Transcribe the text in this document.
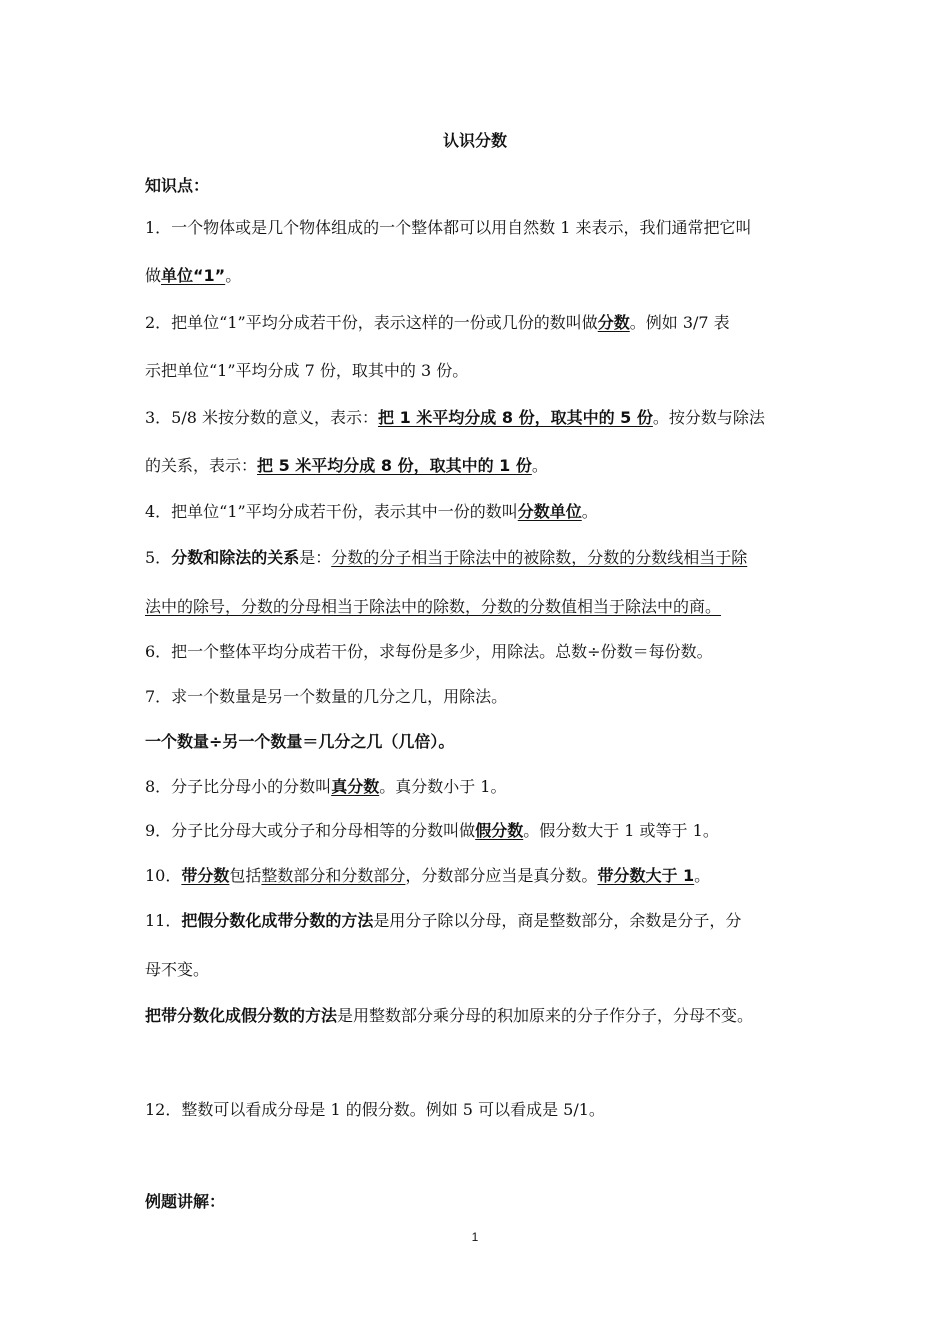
认识分数
知识点：
1．一个物体或是几个物体组成的一个整体都可以用自然数 1 来表示，我们通常把它叫
做单位“1”。
2．把单位“1”平均分成若干份，表示这样的一份或几份的数叫做分数。例如 3/7 表
示把单位“1”平均分成 7 份，取其中的 3 份。
3．5/8 米按分数的意义，表示：把 1 米平均分成 8 份，取其中的 5 份。按分数与除法
的关系，表示：把 5 米平均分成 8 份，取其中的 1 份。
4．把单位“1”平均分成若干份，表示其中一份的数叫分数单位。
5．分数和除法的关系是：分数的分子相当于除法中的被除数，分数的分数线相当于除
法中的除号，分数的分母相当于除法中的除数，分数的分数值相当于除法中的商。
6．把一个整体平均分成若干份，求每份是多少，用除法。总数÷份数＝每份数。
7．求一个数量是另一个数量的几分之几，用除法。
一个数量÷另一个数量＝几分之几（几倍）。
8．分子比分母小的分数叫真分数。真分数小于 1。
9．分子比分母大或分子和分母相等的分数叫做假分数。假分数大于 1 或等于 1。
10．带分数包括整数部分和分数部分，分数部分应当是真分数。带分数大于 1。
11．把假分数化成带分数的方法是用分子除以分母，商是整数部分，余数是分子，分
母不变。
把带分数化成假分数的方法是用整数部分乘分母的积加原来的分子作分子，分母不变。
12．整数可以看成分母是 1 的假分数。例如 5 可以看成是 5/1。
例题讲解：
1
